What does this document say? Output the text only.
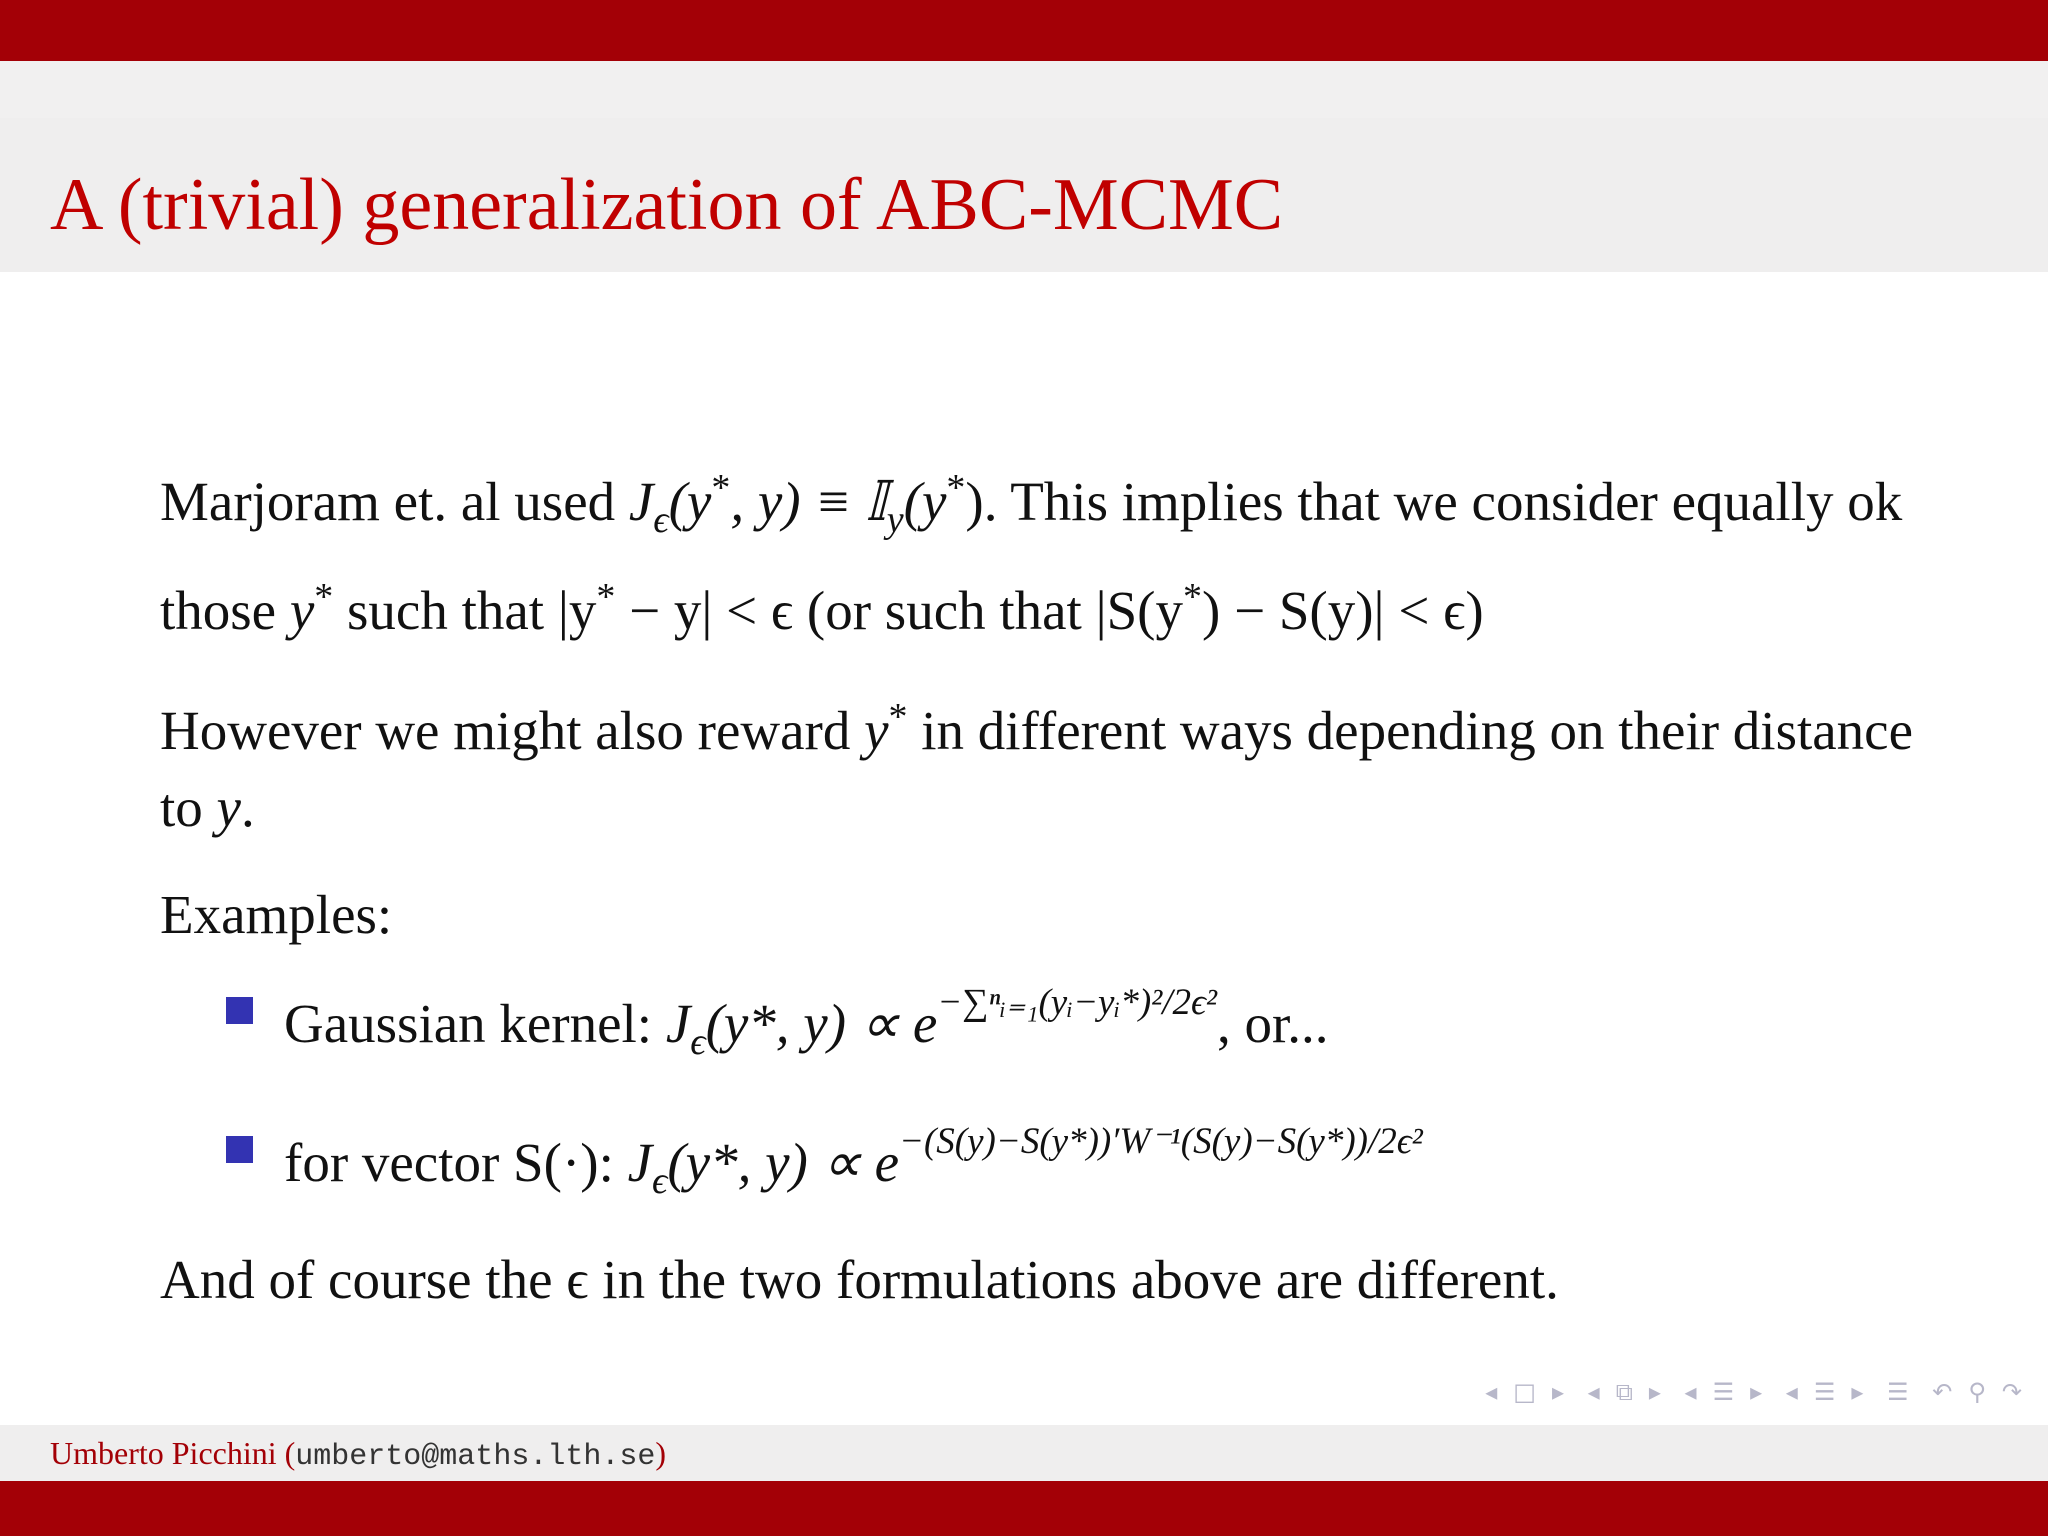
A (trivial) generalization of ABC-MCMC

Marjoram et. al used $J_\epsilon(y^*$, y) ≡ 𝕀$_y$(y*). This implies that we consider equally ok those y* such that |y* − y| < ϵ (or such that |S(y*) − S(y)| < ϵ)

However we might also reward y* in different ways depending on their distance to y.

Examples:

Gaussian kernel: $J_\epsilon(y*$, $y) \propto e^{-\sum^nᵢ_{=1}(yᵢ-yᵢ*)^2/2\epsilon^2}$, or...
for vector S(·): $J_\epsilon(y*$, $y) \propto e^{-(S(y)-S(y*))'W^{-1}(S(y)-S(y*))/2\epsilon^2}$

And of course the ϵ in the two formulations above are different.

◂ □ ▸ ◂ ⧉ ▸ ◂ ☰ ▸ ◂ ☰ ▸ ☰ ↶ ⚲ ↷
Umberto Picchini (umberto@maths.lth.se)
